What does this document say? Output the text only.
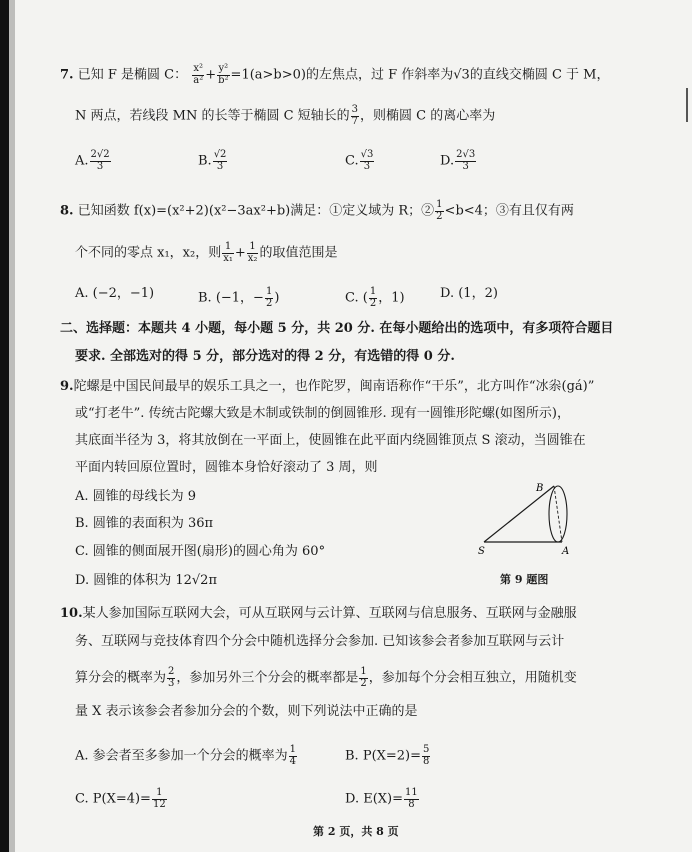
7. 已知 F 是椭圆 C： $\frac{\text{x²}}{\text{a²}} + \frac{\text{y²}}{\text{b²}} =1(a>b>0)$的左焦点，过 F 作斜率为√3的直线交椭圆 C 于 M，
N 两点，若线段 MN 的长等于椭圆 C 短轴长的 $\frac{3}{7}$ ，则椭圆 C 的离心率为
A. $\frac{2√2}{3}$	B. $\frac{√2}{3}$	C. $\frac{√3}{3}$	D. $\frac{2√3}{3}$
8. 已知函数 f(x)=(x²+2)(x²−3ax²+b)满足：①定义域为 R；② $\frac{1}{2} <b<4$；③有且仅有两
个不同的零点 x₁，x₂，则 $\frac{1}{\text{x₁}} + \frac{1}{\text{x₂}}$ 的取值范围是
A. (−2，−1)	B. (−1，− $\frac{1}{2}$ )	C. ( $\frac{1}{2}$ ，1)	D. (1，2)
二、选择题：本题共 4 小题，每小题 5 分，共 20 分. 在每小题给出的选项中，有多项符合题目
要求. 全部选对的得 5 分，部分选对的得 2 分，有选错的得 0 分.
9.陀螺是中国民间最早的娱乐工具之一，也作陀罗，闽南语称作“干乐”，北方叫作“冰尜(gá)”
或“打老牛”. 传统古陀螺大致是木制或铁制的倒圆锥形. 现有一圆锥形陀螺(如图所示)，
其底面半径为 3，将其放倒在一平面上，使圆锥在此平面内绕圆锥顶点 S 滚动，当圆锥在
平面内转回原位置时，圆锥本身恰好滚动了 3 周，则
A. 圆锥的母线长为 9
B. 圆锥的表面积为 36π
C. 圆锥的侧面展开图(扇形)的圆心角为 60°
D. 圆锥的体积为 12√2π
B
S	A
第 9 题图
10.某人参加国际互联网大会，可从互联网与云计算、互联网与信息服务、互联网与金融服
务、互联网与竞技体育四个分会中随机选择分会参加. 已知该参会者参加互联网与云计
算分会的概率为 $\frac{2}{3}$ ，参加另外三个分会的概率都是 $\frac{1}{2}$ ，参加每个分会相互独立，用随机变
量 X 表示该参会者参加分会的个数，则下列说法中正确的是
A. 参会者至多参加一个分会的概率为 $\frac{1}{4}$	B. $P(X=2)= \frac{5}{8}$
C. $P(X=4)= \frac{1}{12}$	D. $E(X)= \frac{11}{8}$
第 2 页，共 8 页
